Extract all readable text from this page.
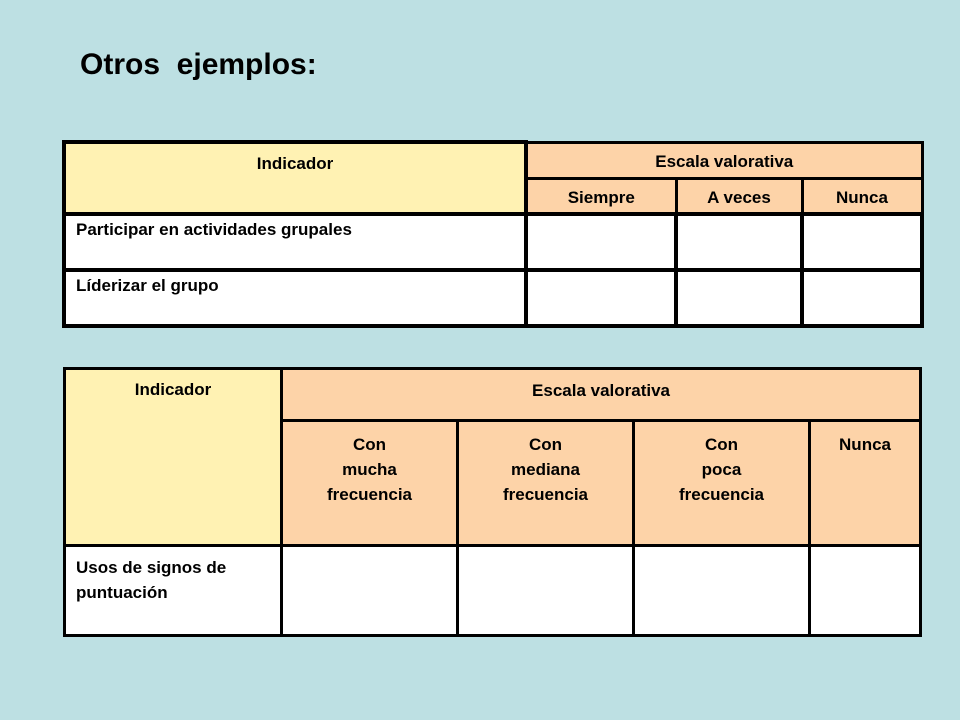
Otros  ejemplos:
Indicador	Escala valorativa		
	Siempre	A veces	Nunca
Participar en actividades grupales			
Líderizar el grupo			
Indicador	Escala valorativa			
	Con
mucha
frecuencia	Con
mediana
frecuencia	Con
poca
frecuencia	Nunca
Usos de signos de puntuación				
